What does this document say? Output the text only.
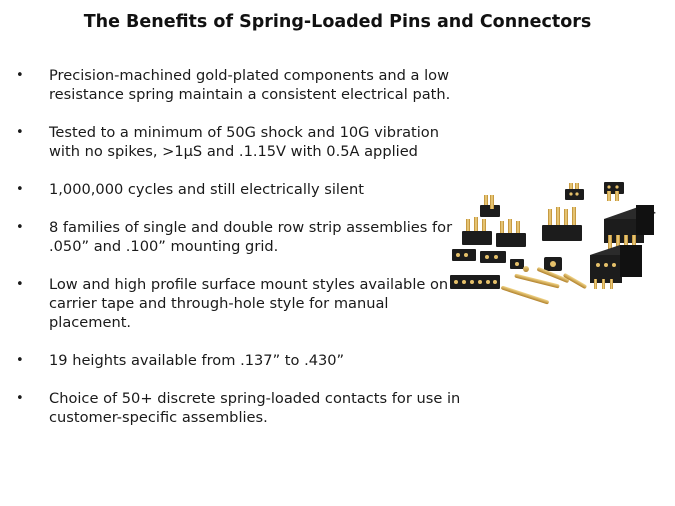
The Benefits of Spring-Loaded Pins and Connectors
• Precision-machined gold-plated components and a low resistance spring maintain a consistent electrical path.
• Tested to a minimum of 50G shock and 10G vibration with no spikes, >1µS and .1.15V with 0.5A applied
• 1,000,000 cycles and still electrically silent
• 8 families of single and double row strip assemblies for .050” and .100” mounting grid.
• Low and high profile surface mount styles available on carrier tape and through-hole style for manual placement.
• 19 heights available from .137” to .430”
• Choice of 50+ discrete spring-loaded contacts for use in customer-specific assemblies.
